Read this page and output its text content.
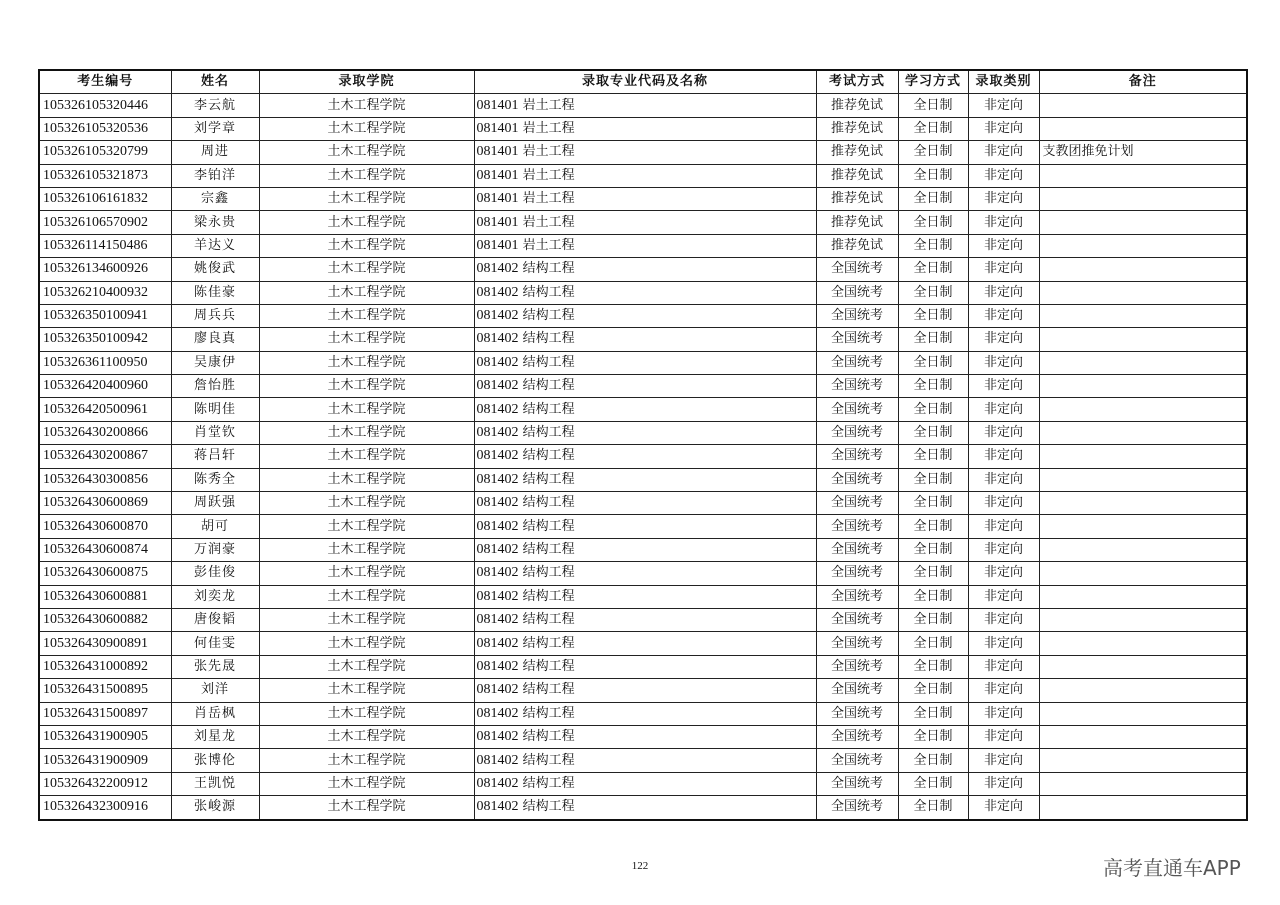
考生编号	姓名	录取学院	录取专业代码及名称	考试方式	学习方式	录取类别	备注
105326105320446	李云航	土木工程学院	081401 岩土工程	推荐免试	全日制	非定向	
105326105320536	刘学章	土木工程学院	081401 岩土工程	推荐免试	全日制	非定向	
105326105320799	周进	土木工程学院	081401 岩土工程	推荐免试	全日制	非定向	支教团推免计划
105326105321873	李铂洋	土木工程学院	081401 岩土工程	推荐免试	全日制	非定向	
105326106161832	宗鑫	土木工程学院	081401 岩土工程	推荐免试	全日制	非定向	
105326106570902	梁永贵	土木工程学院	081401 岩土工程	推荐免试	全日制	非定向	
105326114150486	羊达义	土木工程学院	081401 岩土工程	推荐免试	全日制	非定向	
105326134600926	姚俊武	土木工程学院	081402 结构工程	全国统考	全日制	非定向	
105326210400932	陈佳豪	土木工程学院	081402 结构工程	全国统考	全日制	非定向	
105326350100941	周兵兵	土木工程学院	081402 结构工程	全国统考	全日制	非定向	
105326350100942	廖良真	土木工程学院	081402 结构工程	全国统考	全日制	非定向	
105326361100950	吴康伊	土木工程学院	081402 结构工程	全国统考	全日制	非定向	
105326420400960	詹怡胜	土木工程学院	081402 结构工程	全国统考	全日制	非定向	
105326420500961	陈明佳	土木工程学院	081402 结构工程	全国统考	全日制	非定向	
105326430200866	肖堂钦	土木工程学院	081402 结构工程	全国统考	全日制	非定向	
105326430200867	蒋吕轩	土木工程学院	081402 结构工程	全国统考	全日制	非定向	
105326430300856	陈秀全	土木工程学院	081402 结构工程	全国统考	全日制	非定向	
105326430600869	周跃强	土木工程学院	081402 结构工程	全国统考	全日制	非定向	
105326430600870	胡可	土木工程学院	081402 结构工程	全国统考	全日制	非定向	
105326430600874	万润豪	土木工程学院	081402 结构工程	全国统考	全日制	非定向	
105326430600875	彭佳俊	土木工程学院	081402 结构工程	全国统考	全日制	非定向	
105326430600881	刘奕龙	土木工程学院	081402 结构工程	全国统考	全日制	非定向	
105326430600882	唐俊韬	土木工程学院	081402 结构工程	全国统考	全日制	非定向	
105326430900891	何佳雯	土木工程学院	081402 结构工程	全国统考	全日制	非定向	
105326431000892	张先晟	土木工程学院	081402 结构工程	全国统考	全日制	非定向	
105326431500895	刘洋	土木工程学院	081402 结构工程	全国统考	全日制	非定向	
105326431500897	肖岳枫	土木工程学院	081402 结构工程	全国统考	全日制	非定向	
105326431900905	刘星龙	土木工程学院	081402 结构工程	全国统考	全日制	非定向	
105326431900909	张博伦	土木工程学院	081402 结构工程	全国统考	全日制	非定向	
105326432200912	王凯悦	土木工程学院	081402 结构工程	全国统考	全日制	非定向	
105326432300916	张峻源	土木工程学院	081402 结构工程	全国统考	全日制	非定向	
122	高考直通车APP
